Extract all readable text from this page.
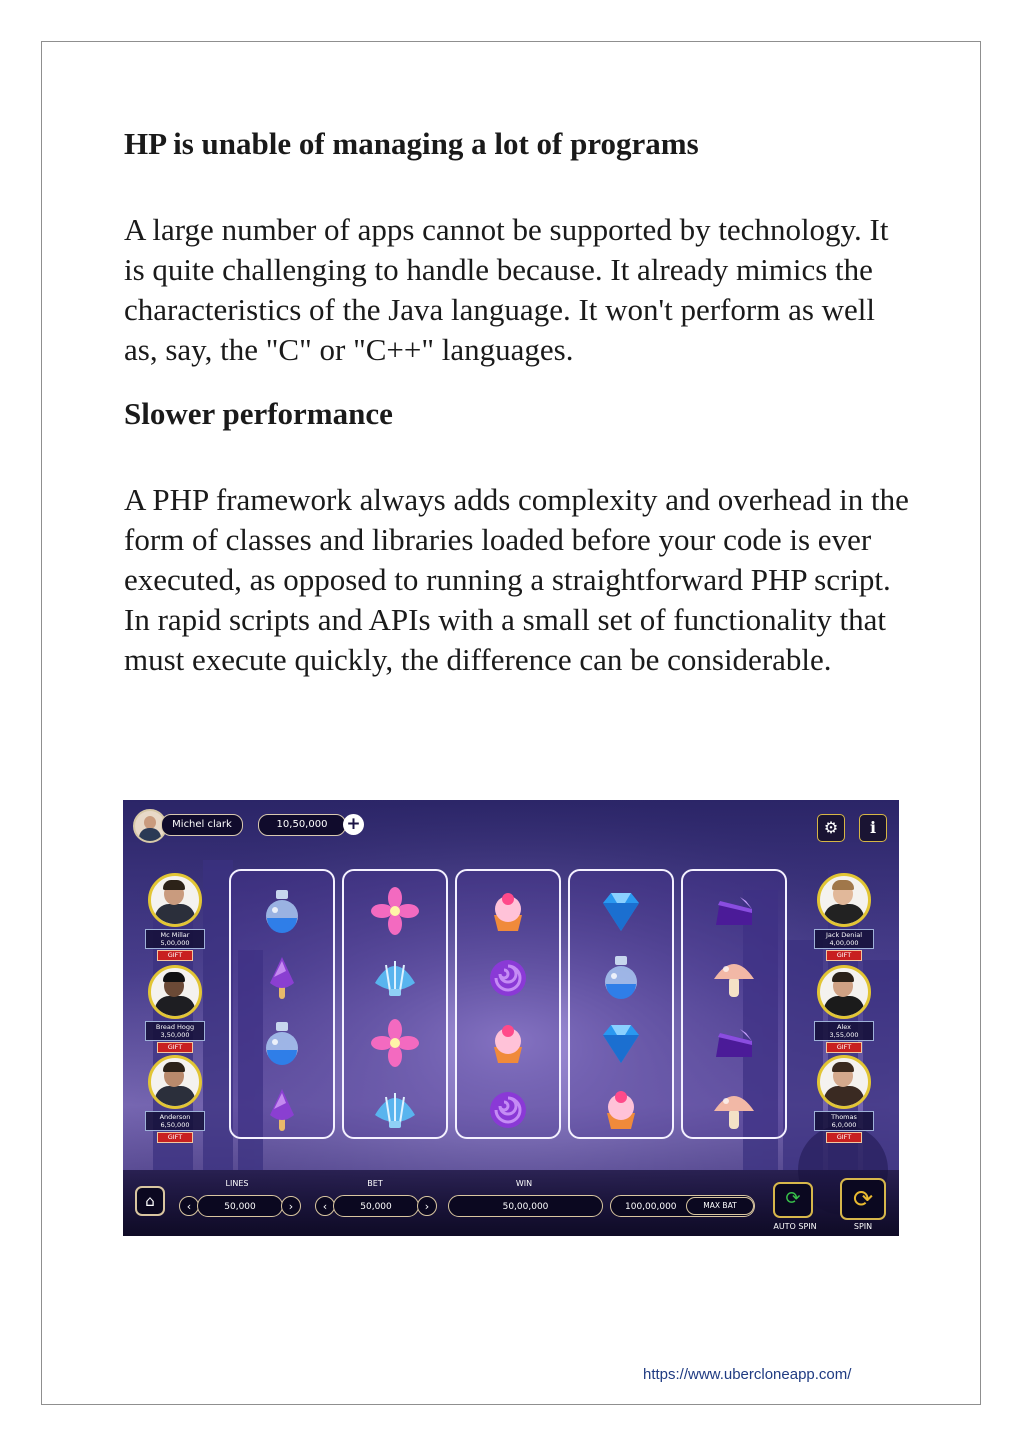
HP is unable of managing a lot of programs

A large number of apps cannot be supported by technology. It is quite challenging to handle because. It already mimics the characteristics of the Java language. It won't perform as well as, say, the "C" or "C++" languages.

Slower performance

A PHP framework always adds complexity and overhead in the form of classes and libraries loaded before your code is ever executed, as opposed to running a straightforward PHP script. In rapid scripts and APIs with a small set of functionality that must execute quickly, the difference can be considerable.

Michel clark	10,50,000	+	⚙	i
Mc Millar
5,00,000
GIFT
Bread Hogg
3,50,000
GIFT
Anderson
6,50,000
GIFT
Jack Denial
4,00,000
GIFT
Alex
3,55,000
GIFT
Thomas
6,0,000
GIFT
⌂
LINES
‹	50,000	›
BET
‹	50,000	›
WIN
50,00,000	100,00,000	MAX BAT	⟳
AUTO SPIN
⟳
SPIN
https://www.ubercloneapp.com/
